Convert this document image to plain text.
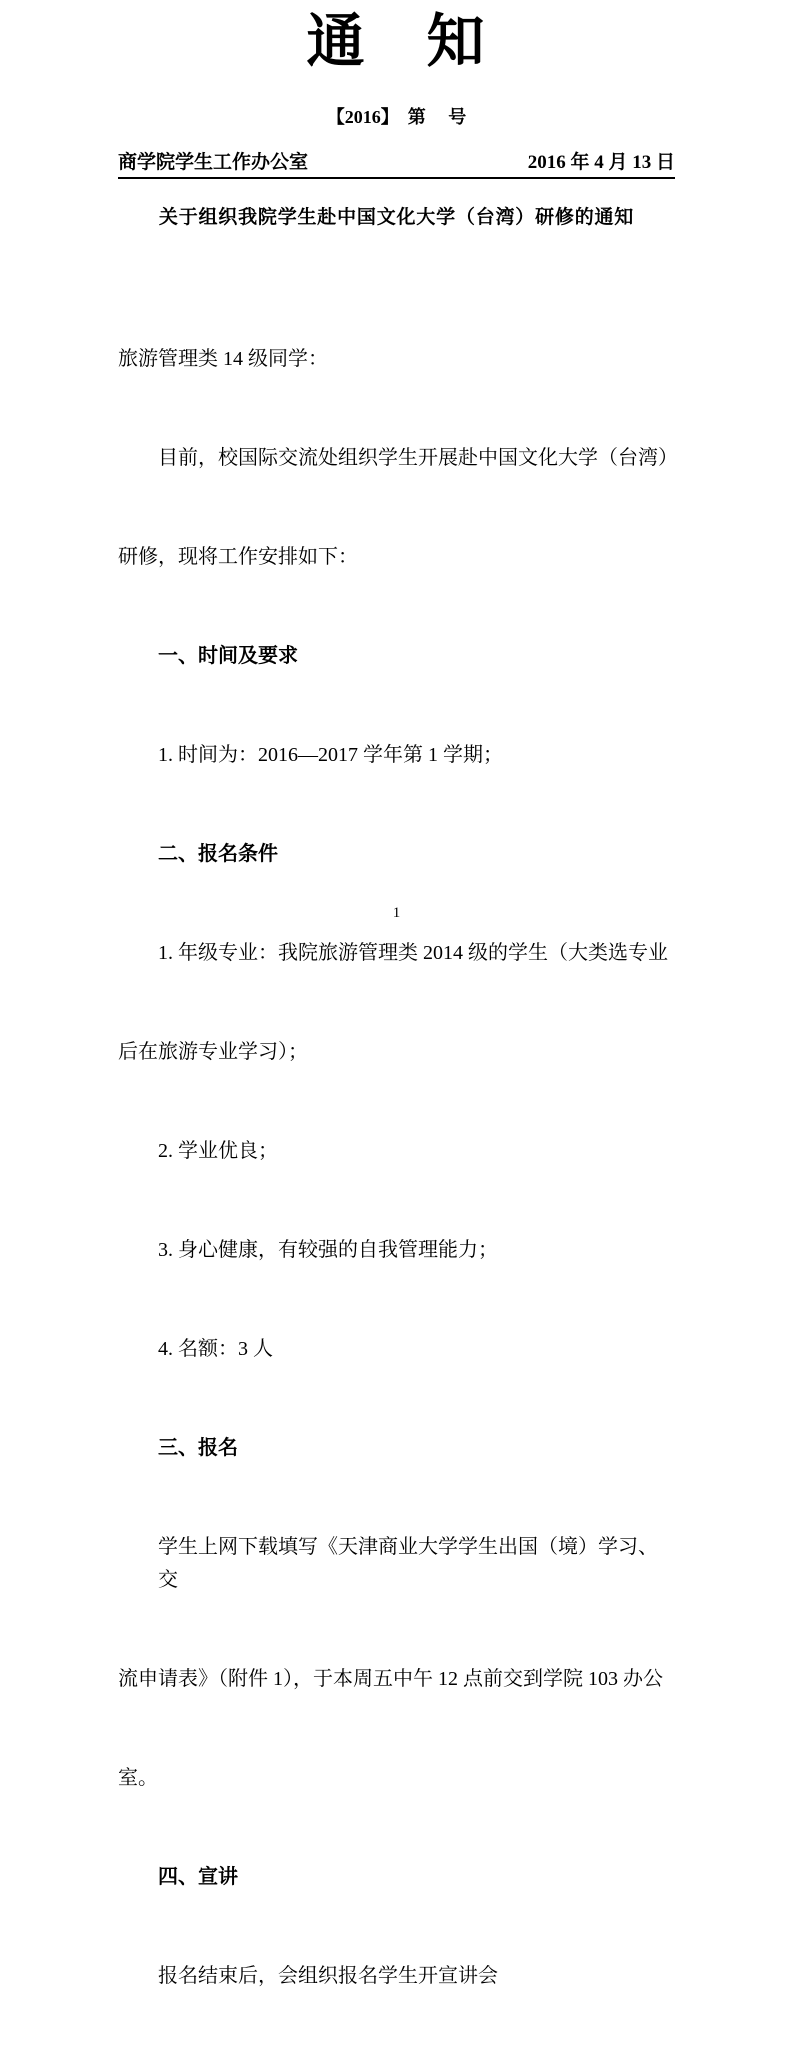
通　知
【2016】  第　 号
商学院学生工作办公室	2016 年 4 月 13 日
关于组织我院学生赴中国文化大学（台湾）研修的通知

旅游管理类 14 级同学：

目前，校国际交流处组织学生开展赴中国文化大学（台湾）

研修，现将工作安排如下：

一、时间及要求

1. 时间为：2016—2017 学年第 1 学期；

二、报名条件

1. 年级专业：我院旅游管理类 2014 级的学生（大类选专业

后在旅游专业学习）；

2. 学业优良；

3. 身心健康，有较强的自我管理能力；

4. 名额：3 人

三、报名

学生上网下载填写《天津商业大学学生出国（境）学习、交

流申请表》（附件 1），于本周五中午 12 点前交到学院 103 办公

室。

四、宣讲

报名结束后，会组织报名学生开宣讲会

1
